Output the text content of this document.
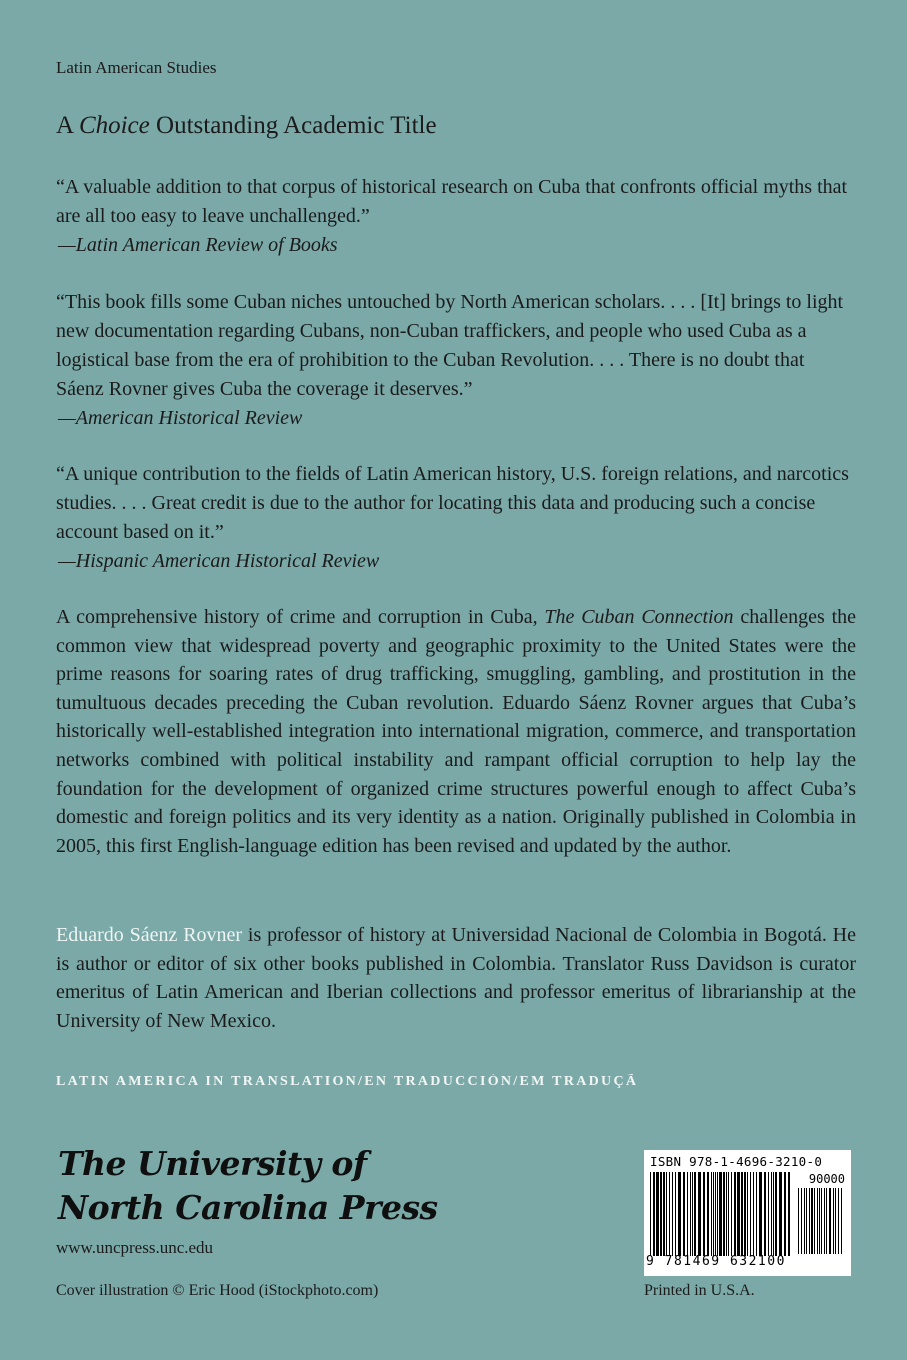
Latin American Studies
A Choice Outstanding Academic Title
“A valuable addition to that corpus of historical research on Cuba that confronts official myths that are all too easy to leave unchallenged.”
—Latin American Review of Books
“This book fills some Cuban niches untouched by North American scholars. . . . [It] brings to light new documentation regarding Cubans, non-Cuban traffickers, and people who used Cuba as a logistical base from the era of prohibition to the Cuban Revolution. . . . There is no doubt that Sáenz Rovner gives Cuba the coverage it deserves.”
—American Historical Review
“A unique contribution to the fields of Latin American history, U.S. foreign relations, and narcotics studies. . . . Great credit is due to the author for locating this data and producing such a concise account based on it.”
—Hispanic American Historical Review
A comprehensive history of crime and corruption in Cuba, The Cuban Connection challenges the common view that widespread poverty and geographic proximity to the United States were the prime reasons for soaring rates of drug trafficking, smuggling, gambling, and prostitution in the tumultuous decades preceding the Cuban revolution. Eduardo Sáenz Rovner argues that Cuba’s historically well-established integration into international migration, commerce, and transportation networks combined with political instability and rampant official corruption to help lay the foundation for the development of organized crime structures powerful enough to affect Cuba’s domestic and foreign politics and its very identity as a nation. Originally published in Colombia in 2005, this first English-language edition has been revised and updated by the author.
Eduardo Sáenz Rovner is professor of history at Universidad Nacional de Colombia in Bogotá. He is author or editor of six other books published in Colombia. Translator Russ Davidson is curator emeritus of Latin American and Iberian collections and professor emeritus of librarianship at the University of New Mexico.
LATIN AMERICA IN TRANSLATION/EN TRADUCCIÓN/EM TRADUÇÃ
The University of
North Carolina Press
www.uncpress.unc.edu
Cover illustration © Eric Hood (iStockphoto.com)
ISBN 978-1-4696-3210-0
90000
9 781469 632100
Printed in U.S.A.
